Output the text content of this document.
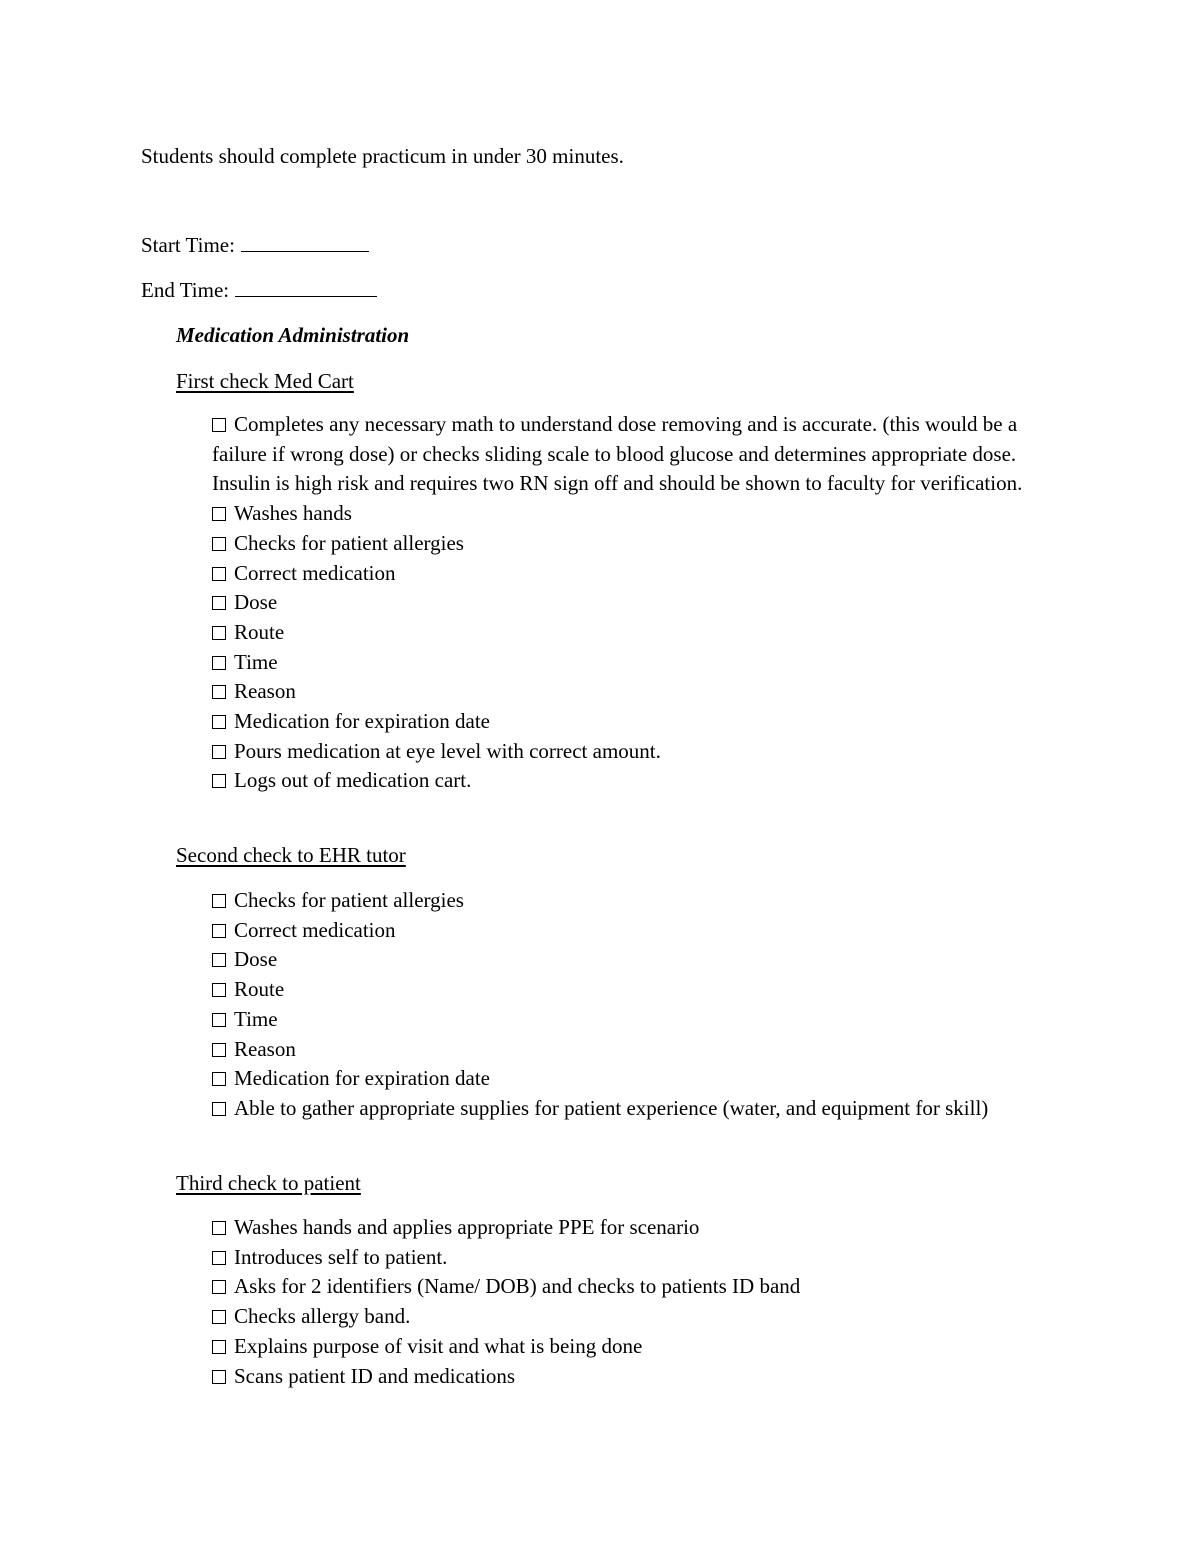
Students should complete practicum in under 30 minutes.
Start Time:
End Time:
Medication Administration
First check Med Cart
Completes any necessary math to understand dose removing and is accurate. (this would be a failure if wrong dose) or checks sliding scale to blood glucose and determines appropriate dose. Insulin is high risk and requires two RN sign off and should be shown to faculty for verification.
Washes hands
Checks for patient allergies
Correct medication
Dose
Route
Time
Reason
Medication for expiration date
Pours medication at eye level with correct amount.
Logs out of medication cart.
Second check to EHR tutor
Checks for patient allergies
Correct medication
Dose
Route
Time
Reason
Medication for expiration date
Able to gather appropriate supplies for patient experience (water, and equipment for skill)
Third check to patient
Washes hands and applies appropriate PPE for scenario
Introduces self to patient.
Asks for 2 identifiers (Name/ DOB) and checks to patients ID band
Checks allergy band.
Explains purpose of visit and what is being done
Scans patient ID and medications
